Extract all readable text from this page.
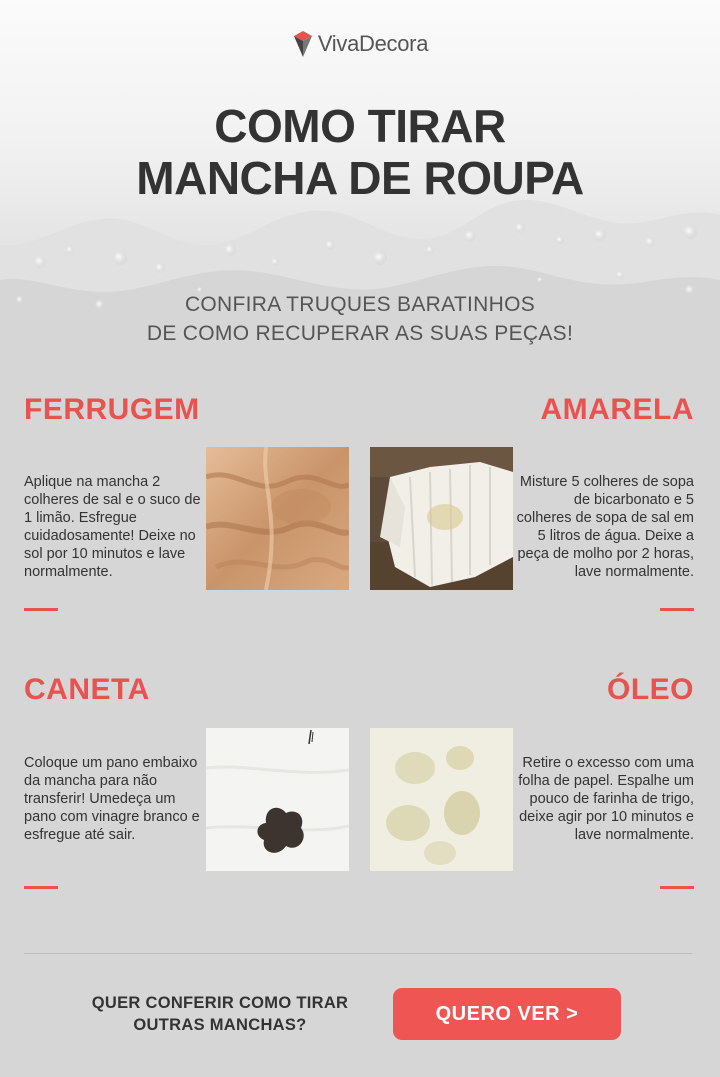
VivaDecora
COMO TIRAR
MANCHA DE ROUPA
CONFIRA TRUQUES BARATINHOS
DE COMO RECUPERAR AS SUAS PEÇAS!
FERRUGEM
Aplique na mancha 2
colheres de sal e o suco de
1 limão. Esfregue
cuidadosamente! Deixe no
sol por 10 minutos e lave
normalmente.
AMARELA
Misture 5 colheres de sopa
de bicarbonato e 5
colheres de sopa de sal em
5 litros de água. Deixe a
peça de molho por 2 horas,
lave normalmente.
CANETA
Coloque um pano embaixo
da mancha para não
transferir! Umedeça um
pano com vinagre branco e
esfregue até sair.
ÓLEO
Retire o excesso com uma
folha de papel. Espalhe um
pouco de farinha de trigo,
deixe agir por 10 minutos e
lave normalmente.
QUER CONFERIR COMO TIRAR
OUTRAS MANCHAS?	QUERO VER >
